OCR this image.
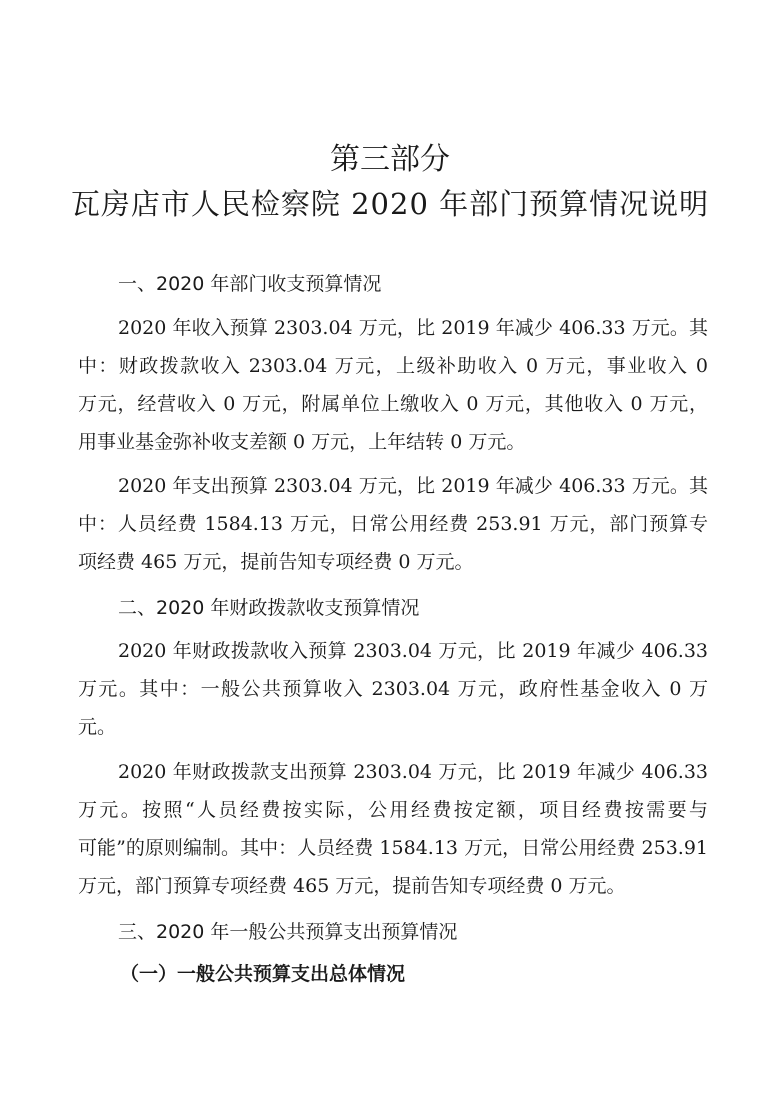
第三部分
瓦房店市人民检察院 2020 年部门预算情况说明
一、2020 年部门收支预算情况
2020 年收入预算 2303.04 万元，比 2019 年减少 406.33 万元。其
中：财政拨款收入 2303.04 万元，上级补助收入 0 万元，事业收入 0
万元，经营收入 0 万元，附属单位上缴收入 0 万元，其他收入 0 万元，
用事业基金弥补收支差额 0 万元，上年结转 0 万元。
2020 年支出预算 2303.04 万元，比 2019 年减少 406.33 万元。其
中：人员经费 1584.13 万元，日常公用经费 253.91 万元，部门预算专
项经费 465 万元，提前告知专项经费 0 万元。
二、2020 年财政拨款收支预算情况
2020 年财政拨款收入预算 2303.04 万元，比 2019 年减少 406.33
万元。其中：一般公共预算收入 2303.04 万元，政府性基金收入 0 万
元。
2020 年财政拨款支出预算 2303.04 万元，比 2019 年减少 406.33
万元。按照“人员经费按实际，公用经费按定额，项目经费按需要与
可能”的原则编制。其中：人员经费 1584.13 万元，日常公用经费 253.91
万元，部门预算专项经费 465 万元，提前告知专项经费 0 万元。
三、2020 年一般公共预算支出预算情况
（一）一般公共预算支出总体情况
